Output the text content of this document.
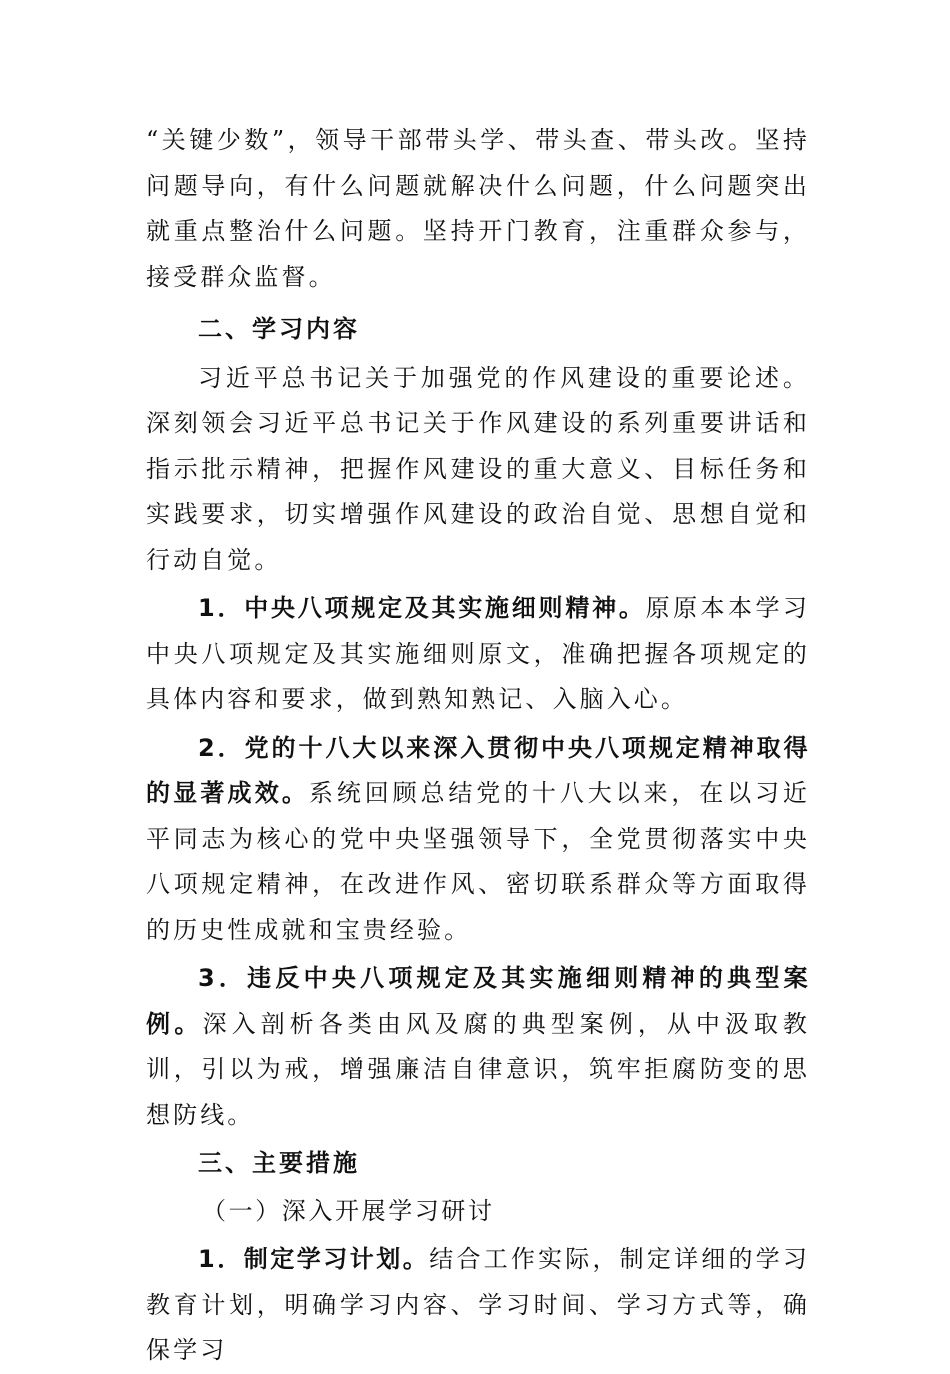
“关键少数”，领导干部带头学、带头查、带头改。坚持问题导向，有什么问题就解决什么问题，什么问题突出就重点整治什么问题。坚持开门教育，注重群众参与，接受群众监督。

二、学习内容

习近平总书记关于加强党的作风建设的重要论述。深刻领会习近平总书记关于作风建设的系列重要讲话和指示批示精神，把握作风建设的重大意义、目标任务和实践要求，切实增强作风建设的政治自觉、思想自觉和行动自觉。

1．中央八项规定及其实施细则精神。原原本本学习中央八项规定及其实施细则原文，准确把握各项规定的具体内容和要求，做到熟知熟记、入脑入心。

2．党的十八大以来深入贯彻中央八项规定精神取得的显著成效。系统回顾总结党的十八大以来，在以习近平同志为核心的党中央坚强领导下，全党贯彻落实中央八项规定精神，在改进作风、密切联系群众等方面取得的历史性成就和宝贵经验。

3．违反中央八项规定及其实施细则精神的典型案例。深入剖析各类由风及腐的典型案例，从中汲取教训，引以为戒，增强廉洁自律意识，筑牢拒腐防变的思想防线。

三、主要措施

（一）深入开展学习研讨

1．制定学习计划。结合工作实际，制定详细的学习教育计划，明确学习内容、学习时间、学习方式等，确保学习
